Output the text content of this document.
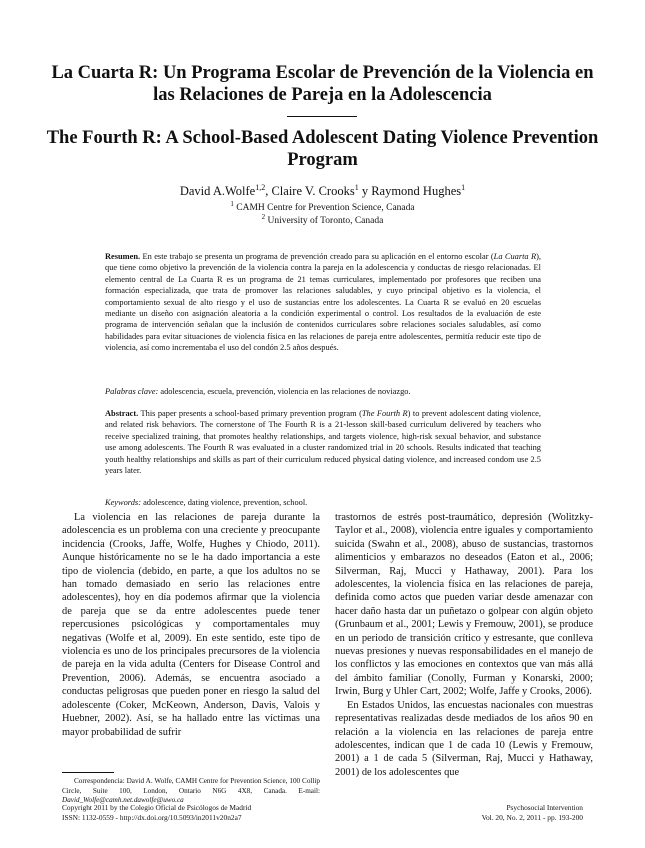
La Cuarta R: Un Programa Escolar de Prevención de la Violencia en las Relaciones de Pareja en la Adolescencia
The Fourth R: A School-Based Adolescent Dating Violence Prevention Program
David A.Wolfe$^{1,2}$, Claire V. Crooks$^1$ y Raymond Hughes$^1$
$^1$ CAMH Centre for Prevention Science, Canada
$^2$ University of Toronto, Canada

Resumen. En este trabajo se presenta un programa de prevención creado para su aplicación en el entorno escolar (La Cuarta R), que tiene como objetivo la prevención de la violencia contra la pareja en la adolescencia y conductas de riesgo relacionadas. El elemento central de La Cuarta R es un programa de 21 temas curriculares, implementado por profesores que reciben una formación especializada, que trata de promover las relaciones saludables, y cuyo principal objetivo es la violencia, el comportamiento sexual de alto riesgo y el uso de sustancias entre los adolescentes. La Cuarta R se evaluó en 20 escuelas mediante un diseño con asignación aleatoria a la condición experimental o control. Los resultados de la evaluación de este programa de intervención señalan que la inclusión de contenidos curriculares sobre relaciones sociales saludables, así como habilidades para evitar situaciones de violencia física en las relaciones de pareja entre adolescentes, permitía reducir este tipo de violencia, así como incrementaba el uso del condón 2.5 años después.

Palabras clave: adolescencia, escuela, prevención, violencia en las relaciones de noviazgo.

Abstract. This paper presents a school-based primary prevention program (The Fourth R) to prevent adolescent dating violence, and related risk behaviors. The cornerstone of The Fourth R is a 21-lesson skill-based curriculum delivered by teachers who receive specialized training, that promotes healthy relationships, and targets violence, high-risk sexual behavior, and substance use among adolescents. The Fourth R was evaluated in a cluster randomized trial in 20 schools. Results indicated that teaching youth healthy relationships and skills as part of their curriculum reduced physical dating violence, and increased condom use 2.5 years later.

Keywords: adolescence, dating violence, prevention, school.

La violencia en las relaciones de pareja durante la adolescencia es un problema con una creciente y preocupante incidencia (Crooks, Jaffe, Wolfe, Hughes y Chiodo, 2011). Aunque históricamente no se le ha dado importancia a este tipo de violencia (debido, en parte, a que los adultos no se han tomado demasiado en serio las relaciones entre adolescentes), hoy en día podemos afirmar que la violencia de pareja que se da entre adolescentes puede tener repercusiones psicológicas y comportamentales muy negativas (Wolfe et al, 2009). En este sentido, este tipo de violencia es uno de los principales precursores de la violencia de pareja en la vida adulta (Centers for Disease Control and Prevention, 2006). Además, se encuentra asociado a conductas peligrosas que pueden poner en riesgo la salud del adolescente (Coker, McKeown, Anderson, Davis, Valois y Huebner, 2002). Así, se ha hallado entre las víctimas una mayor probabilidad de sufrir

trastornos de estrés post-traumático, depresión (Wolitzky-Taylor et al., 2008), violencia entre iguales y comportamiento suicida (Swahn et al., 2008), abuso de sustancias, trastornos alimenticios y embarazos no deseados (Eaton et al., 2006; Silverman, Raj, Mucci y Hathaway, 2001). Para los adolescentes, la violencia física en las relaciones de pareja, definida como actos que pueden variar desde amenazar con hacer daño hasta dar un puñetazo o golpear con algún objeto (Grunbaum et al., 2001; Lewis y Fremouw, 2001), se produce en un periodo de transición crítico y estresante, que conlleva nuevas presiones y nuevas responsabilidades en el manejo de los conflictos y las emociones en contextos que van más allá del ámbito familiar (Conolly, Furman y Konarski, 2000; Irwin, Burg y Uhler Cart, 2002; Wolfe, Jaffe y Crooks, 2006).

En Estados Unidos, las encuestas nacionales con muestras representativas realizadas desde mediados de los años 90 en relación a la violencia en las relaciones de pareja entre adolescentes, indican que 1 de cada 10 (Lewis y Fremouw, 2001) a 1 de cada 5 (Silverman, Raj, Mucci y Hathaway, 2001) de los adolescentes que

Correspondencia: David A. Wolfe, CAMH Centre for Prevention Science, 100 Collip Circle, Suite 100, London, Ontario N6G 4X8, Canada. E-mail: David_Wolfe@camh.net.dawolfe@uwo.ca

Copyright 2011 by the Colegio Oficial de Psicólogos de Madrid
ISSN: 1132-0559 - http://dx.doi.org/10.5093/in2011v20n2a7
Psychosocial Intervention
Vol. 20, No. 2, 2011 - pp. 193-200
